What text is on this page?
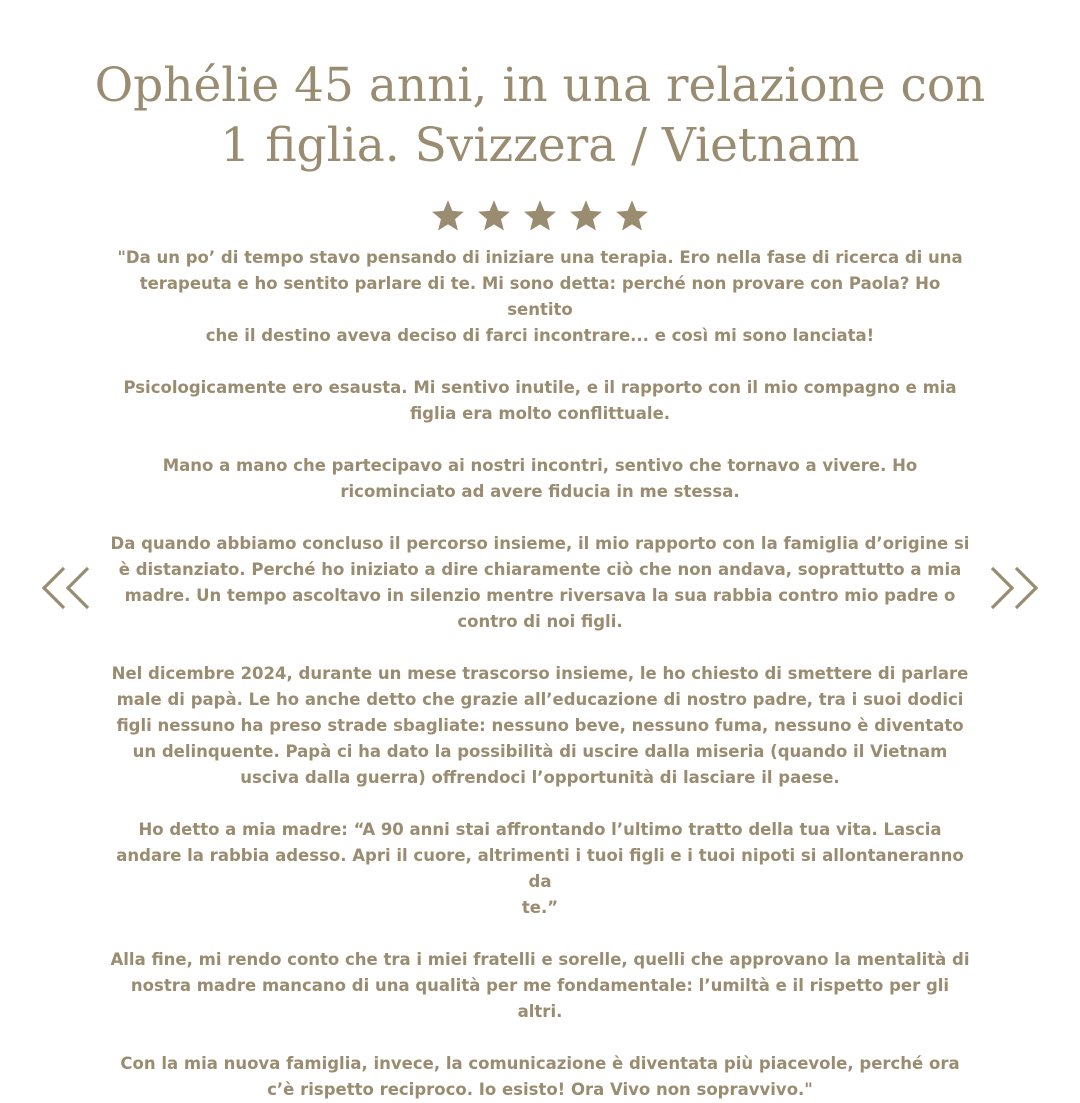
Ophélie 45 anni, in una relazione con
1 figlia. Svizzera / Vietnam

"Da un po’ di tempo stavo pensando di iniziare una terapia. Ero nella fase di ricerca di una
terapeuta e ho sentito parlare di te. Mi sono detta: perché non provare con Paola? Ho sentito
che il destino aveva deciso di farci incontrare... e così mi sono lanciata!

Psicologicamente ero esausta. Mi sentivo inutile, e il rapporto con il mio compagno e mia
figlia era molto conflittuale.

Mano a mano che partecipavo ai nostri incontri, sentivo che tornavo a vivere. Ho
ricominciato ad avere fiducia in me stessa.

Da quando abbiamo concluso il percorso insieme, il mio rapporto con la famiglia d’origine si
è distanziato. Perché ho iniziato a dire chiaramente ciò che non andava, soprattutto a mia
madre. Un tempo ascoltavo in silenzio mentre riversava la sua rabbia contro mio padre o
contro di noi figli.

Nel dicembre 2024, durante un mese trascorso insieme, le ho chiesto di smettere di parlare
male di papà. Le ho anche detto che grazie all’educazione di nostro padre, tra i suoi dodici
figli nessuno ha preso strade sbagliate: nessuno beve, nessuno fuma, nessuno è diventato
un delinquente. Papà ci ha dato la possibilità di uscire dalla miseria (quando il Vietnam
usciva dalla guerra) offrendoci l’opportunità di lasciare il paese.

Ho detto a mia madre: “A 90 anni stai affrontando l’ultimo tratto della tua vita. Lascia
andare la rabbia adesso. Apri il cuore, altrimenti i tuoi figli e i tuoi nipoti si allontaneranno da
te.”

Alla fine, mi rendo conto che tra i miei fratelli e sorelle, quelli che approvano la mentalità di
nostra madre mancano di una qualità per me fondamentale: l’umiltà e il rispetto per gli altri.

Con la mia nuova famiglia, invece, la comunicazione è diventata più piacevole, perché ora
c’è rispetto reciproco. Io esisto! Ora Vivo non sopravvivo."
